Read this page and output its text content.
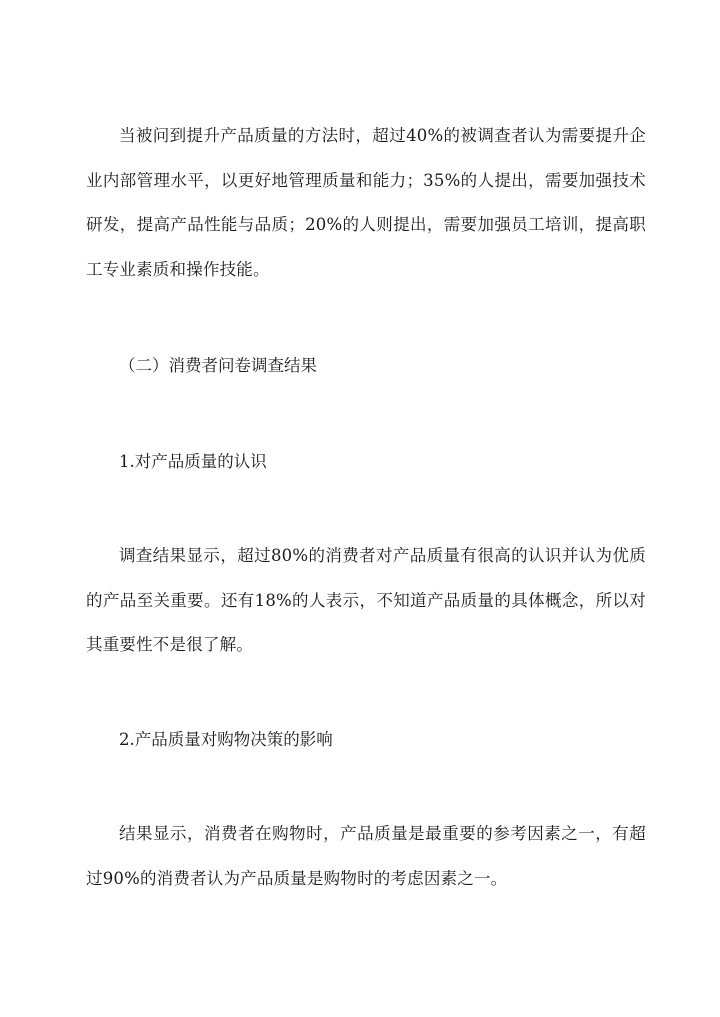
当被问到提升产品质量的方法时，超过40%的被调查者认为需要提升企业内部管理水平，以更好地管理质量和能力；35%的人提出，需要加强技术研发，提高产品性能与品质；20%的人则提出，需要加强员工培训，提高职工专业素质和操作技能。

（二）消费者问卷调查结果

1.对产品质量的认识

调查结果显示，超过80%的消费者对产品质量有很高的认识并认为优质的产品至关重要。还有18%的人表示，不知道产品质量的具体概念，所以对其重要性不是很了解。

2.产品质量对购物决策的影响

结果显示，消费者在购物时，产品质量是最重要的参考因素之一，有超过90%的消费者认为产品质量是购物时的考虑因素之一。
